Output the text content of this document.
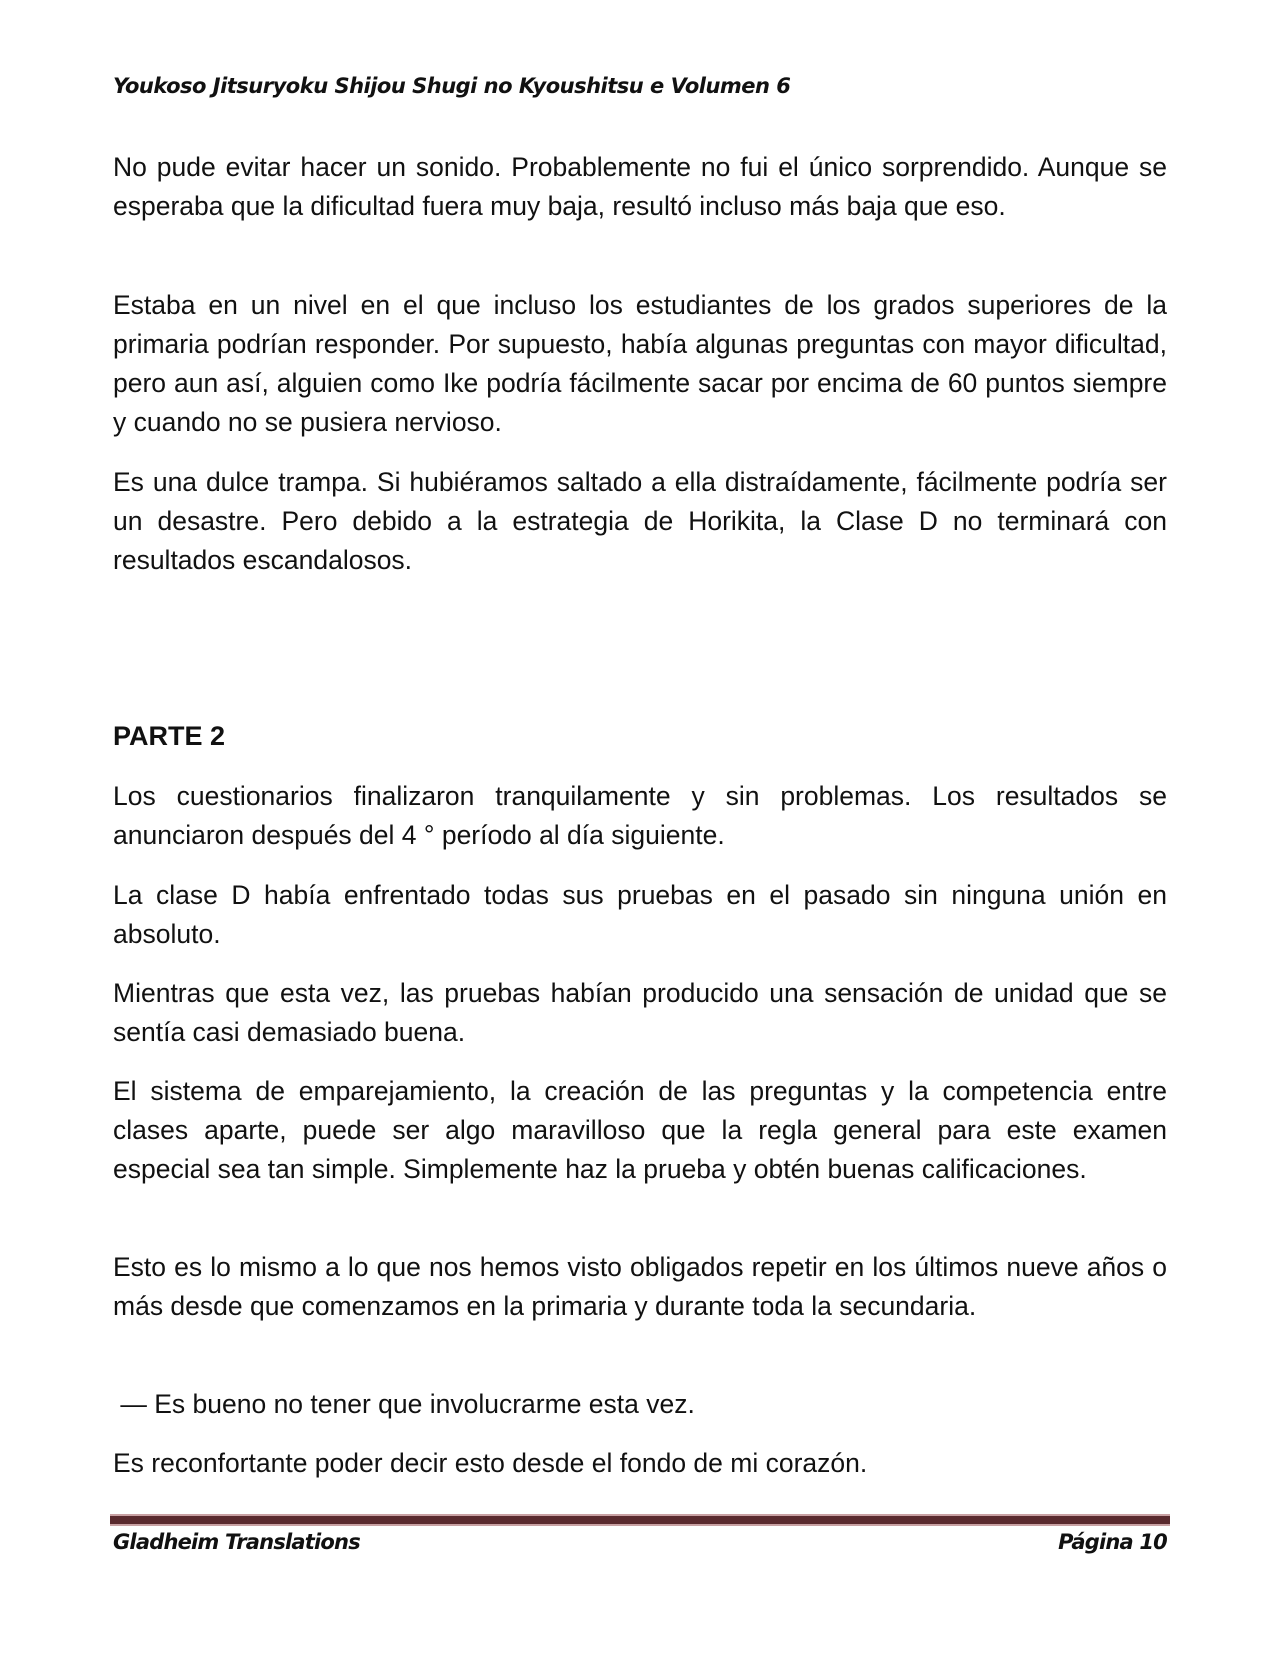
Youkoso Jitsuryoku Shijou Shugi no Kyoushitsu e Volumen 6

No pude evitar hacer un sonido. Probablemente no fui el único sorprendido. Aunque se esperaba que la dificultad fuera muy baja, resultó incluso más baja que eso.

Estaba en un nivel en el que incluso los estudiantes de los grados superiores de la primaria podrían responder. Por supuesto, había algunas preguntas con mayor dificultad, pero aun así, alguien como Ike podría fácilmente sacar por encima de 60 puntos siempre y cuando no se pusiera nervioso.

Es una dulce trampa. Si hubiéramos saltado a ella distraídamente, fácilmente podría ser un desastre. Pero debido a la estrategia de Horikita, la Clase D no terminará con resultados escandalosos.

PARTE 2

Los cuestionarios finalizaron tranquilamente y sin problemas. Los resultados se anunciaron después del 4 ° período al día siguiente.

La clase D había enfrentado todas sus pruebas en el pasado sin ninguna unión en absoluto.

Mientras que esta vez, las pruebas habían producido una sensación de unidad que se sentía casi demasiado buena.

El sistema de emparejamiento, la creación de las preguntas y la competencia entre clases aparte, puede ser algo maravilloso que la regla general para este examen especial sea tan simple. Simplemente haz la prueba y obtén buenas calificaciones.

Esto es lo mismo a lo que nos hemos visto obligados repetir en los últimos nueve años o más desde que comenzamos en la primaria y durante toda la secundaria.

— Es bueno no tener que involucrarme esta vez.

Es reconfortante poder decir esto desde el fondo de mi corazón.

Gladheim Translations	Página 10
